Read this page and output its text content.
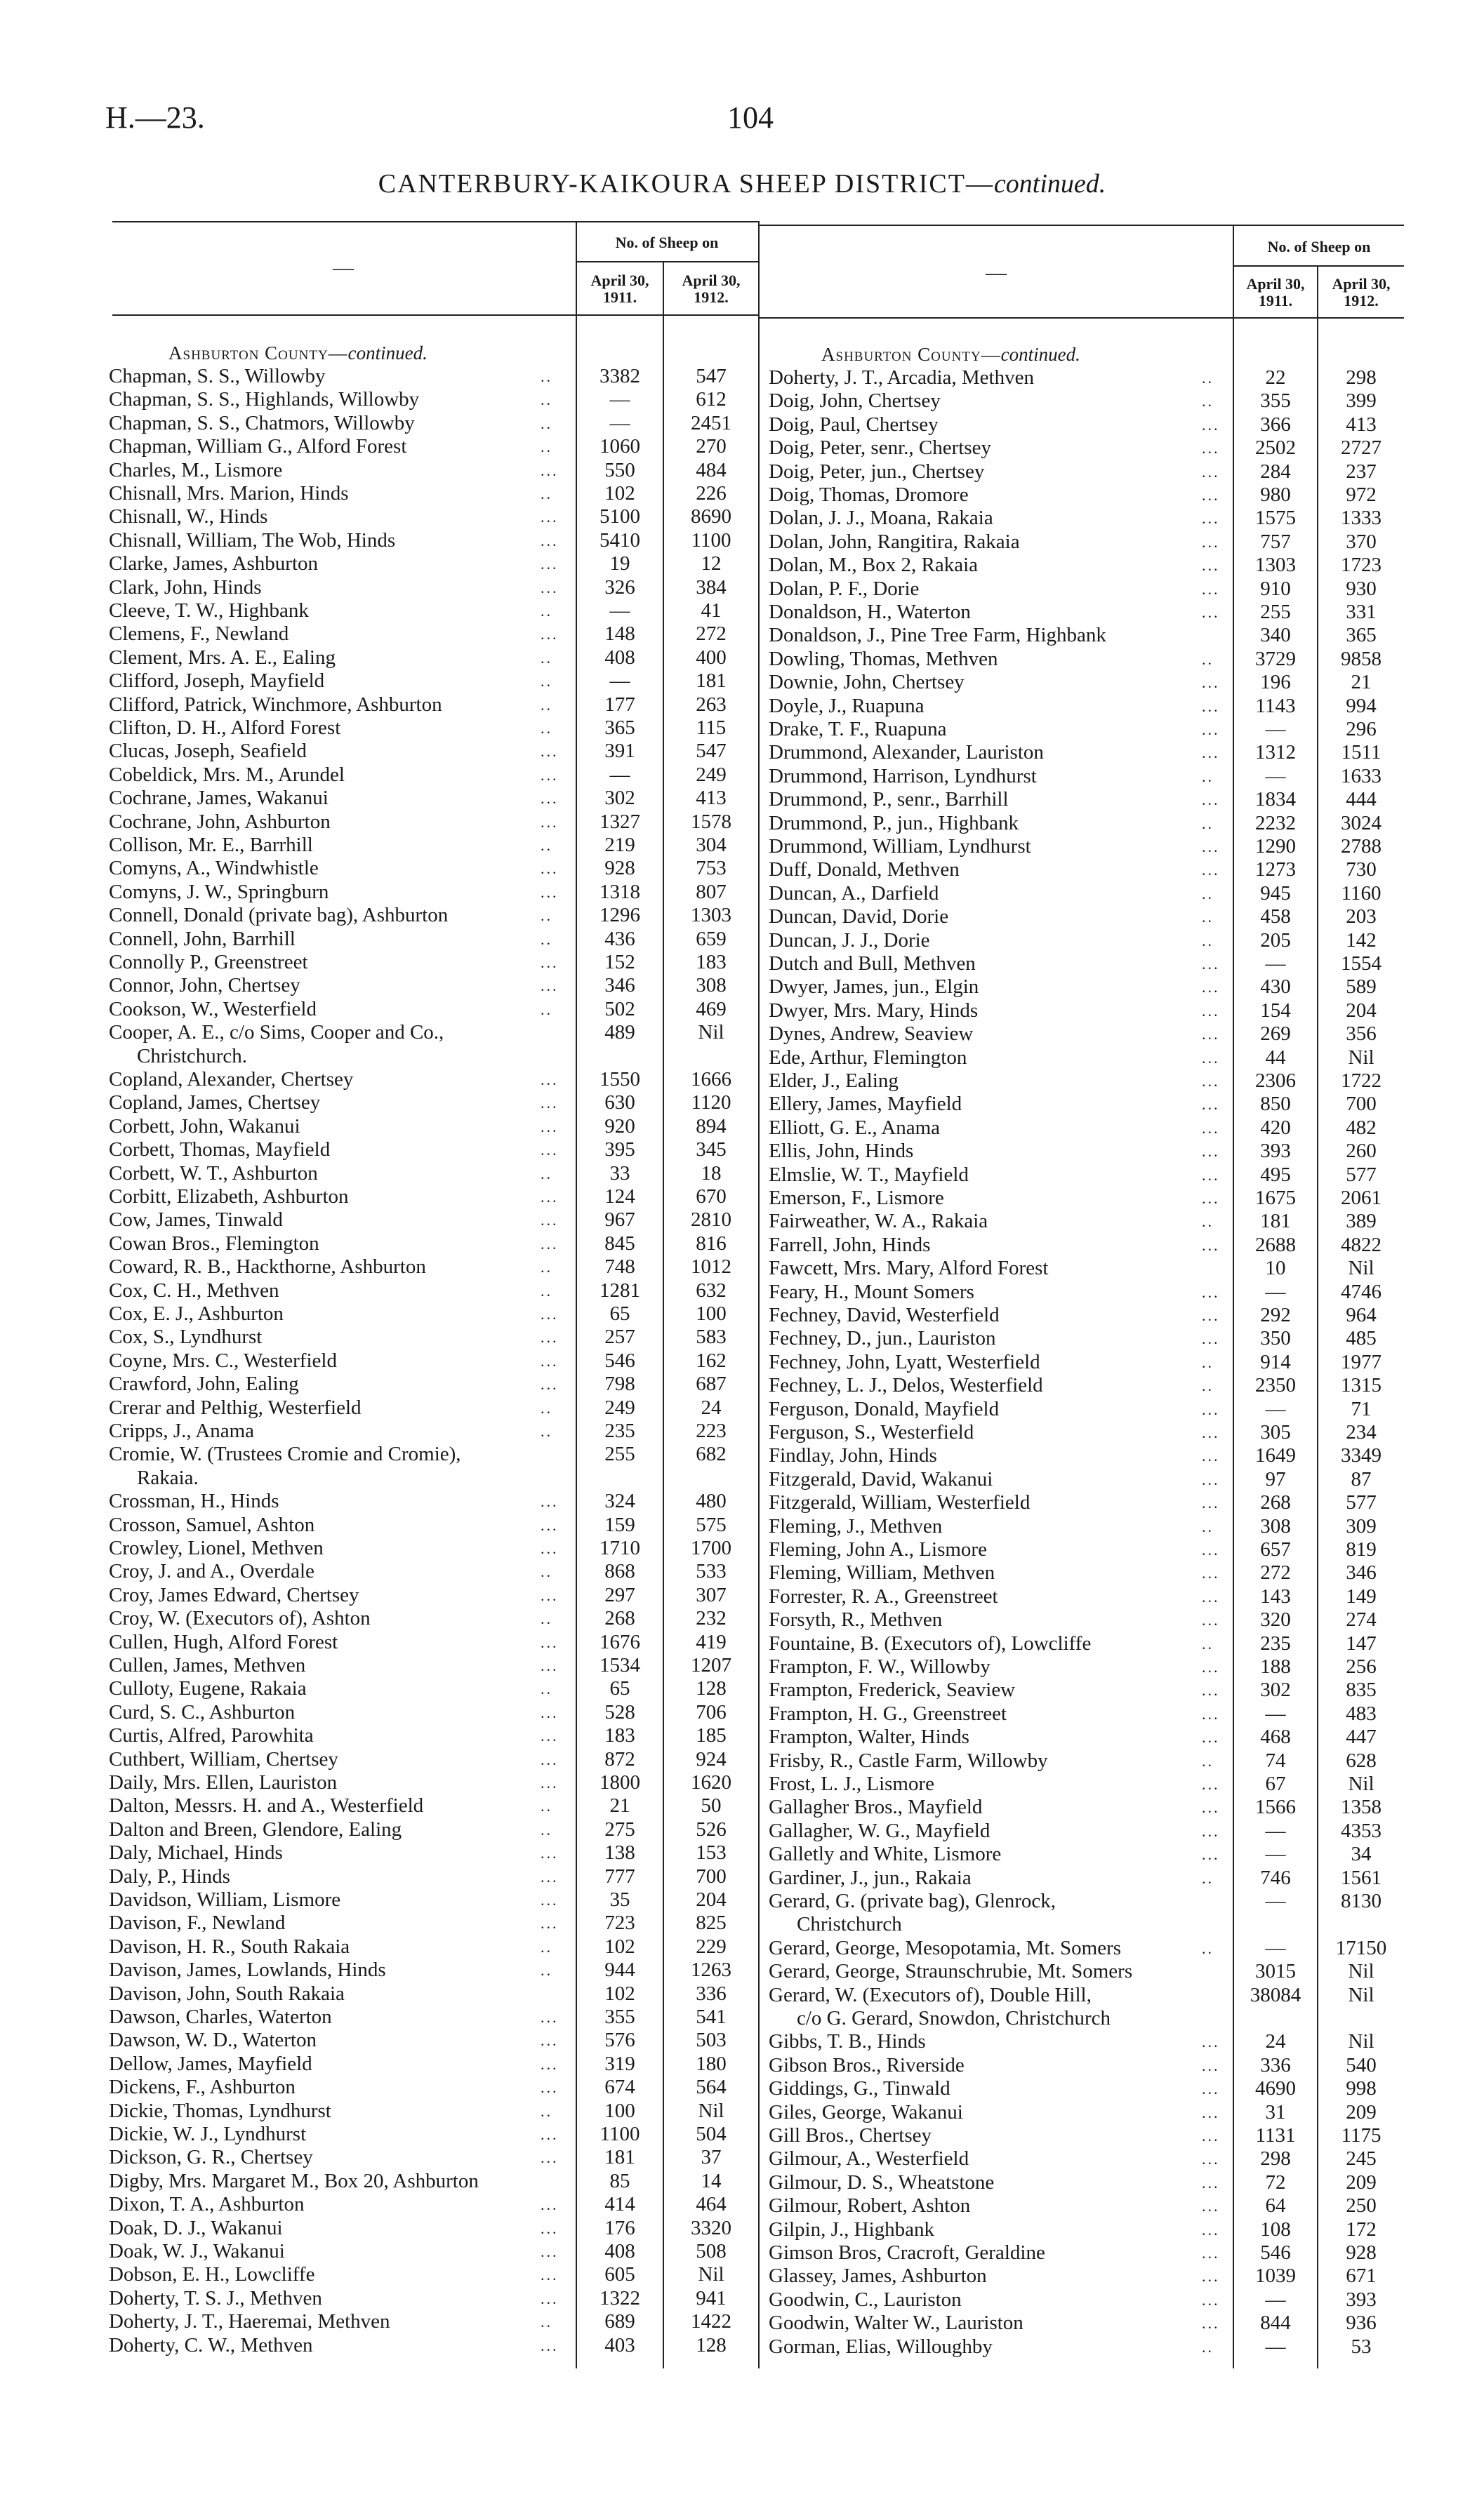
H.—23.	104
CANTERBURY-KAIKOURA SHEEP DISTRICT—continued.
—
No. of Sheep on
April 30,
1911.
April 30,
1912.
Ashburton County—continued.
—
No. of Sheep on
April 30,
1911.
April 30,
1912.
Ashburton County—continued.
Chapman, S. S., Willowby	..	3382	547
Chapman, S. S., Highlands, Willowby	..	—	612
Chapman, S. S., Chatmors, Willowby	..	—	2451
Chapman, William G., Alford Forest	..	1060	270
Charles, M., Lismore	...	550	484
Chisnall, Mrs. Marion, Hinds	..	102	226
Chisnall, W., Hinds	...	5100	8690
Chisnall, William, The Wob, Hinds	...	5410	1100
Clarke, James, Ashburton	...	19	12
Clark, John, Hinds	...	326	384
Cleeve, T. W., Highbank	..	—	41
Clemens, F., Newland	...	148	272
Clement, Mrs. A. E., Ealing	..	408	400
Clifford, Joseph, Mayfield	..	—	181
Clifford, Patrick, Winchmore, Ashburton	..	177	263
Clifton, D. H., Alford Forest	..	365	115
Clucas, Joseph, Seafield	...	391	547
Cobeldick, Mrs. M., Arundel	...	—	249
Cochrane, James, Wakanui	...	302	413
Cochrane, John, Ashburton	...	1327	1578
Collison, Mr. E., Barrhill	..	219	304
Comyns, A., Windwhistle	...	928	753
Comyns, J. W., Springburn	...	1318	807
Connell, Donald (private bag), Ashburton	..	1296	1303
Connell, John, Barrhill	..	436	659
Connolly P., Greenstreet	...	152	183
Connor, John, Chertsey	...	346	308
Cookson, W., Westerfield	..	502	469
Cooper, A. E., c/o Sims, Cooper and Co.,	489	Nil
Christchurch.
Copland, Alexander, Chertsey	...	1550	1666
Copland, James, Chertsey	...	630	1120
Corbett, John, Wakanui	...	920	894
Corbett, Thomas, Mayfield	...	395	345
Corbett, W. T., Ashburton	..	33	18
Corbitt, Elizabeth, Ashburton	...	124	670
Cow, James, Tinwald	...	967	2810
Cowan Bros., Flemington	...	845	816
Coward, R. B., Hackthorne, Ashburton	..	748	1012
Cox, C. H., Methven	..	1281	632
Cox, E. J., Ashburton	...	65	100
Cox, S., Lyndhurst	...	257	583
Coyne, Mrs. C., Westerfield	...	546	162
Crawford, John, Ealing	...	798	687
Crerar and Pelthig, Westerfield	..	249	24
Cripps, J., Anama	..	235	223
Cromie, W. (Trustees Cromie and Cromie),	255	682
Rakaia.
Crossman, H., Hinds	...	324	480
Crosson, Samuel, Ashton	...	159	575
Crowley, Lionel, Methven	...	1710	1700
Croy, J. and A., Overdale	..	868	533
Croy, James Edward, Chertsey	...	297	307
Croy, W. (Executors of), Ashton	..	268	232
Cullen, Hugh, Alford Forest	...	1676	419
Cullen, James, Methven	...	1534	1207
Culloty, Eugene, Rakaia	..	65	128
Curd, S. C., Ashburton	...	528	706
Curtis, Alfred, Parowhita	...	183	185
Cuthbert, William, Chertsey	...	872	924
Daily, Mrs. Ellen, Lauriston	...	1800	1620
Dalton, Messrs. H. and A., Westerfield	..	21	50
Dalton and Breen, Glendore, Ealing	..	275	526
Daly, Michael, Hinds	...	138	153
Daly, P., Hinds	...	777	700
Davidson, William, Lismore	...	35	204
Davison, F., Newland	...	723	825
Davison, H. R., South Rakaia	..	102	229
Davison, James, Lowlands, Hinds	..	944	1263
Davison, John, South Rakaia	102	336
Dawson, Charles, Waterton	...	355	541
Dawson, W. D., Waterton	...	576	503
Dellow, James, Mayfield	...	319	180
Dickens, F., Ashburton	...	674	564
Dickie, Thomas, Lyndhurst	..	100	Nil
Dickie, W. J., Lyndhurst	...	1100	504
Dickson, G. R., Chertsey	...	181	37
Digby, Mrs. Margaret M., Box 20, Ashburton	85	14
Dixon, T. A., Ashburton	...	414	464
Doak, D. J., Wakanui	...	176	3320
Doak, W. J., Wakanui	...	408	508
Dobson, E. H., Lowcliffe	...	605	Nil
Doherty, T. S. J., Methven	...	1322	941
Doherty, J. T., Haeremai, Methven	..	689	1422
Doherty, C. W., Methven	...	403	128
Doherty, J. T., Arcadia, Methven	..	22	298
Doig, John, Chertsey	..	355	399
Doig, Paul, Chertsey	...	366	413
Doig, Peter, senr., Chertsey	...	2502	2727
Doig, Peter, jun., Chertsey	...	284	237
Doig, Thomas, Dromore	...	980	972
Dolan, J. J., Moana, Rakaia	...	1575	1333
Dolan, John, Rangitira, Rakaia	...	757	370
Dolan, M., Box 2, Rakaia	...	1303	1723
Dolan, P. F., Dorie	...	910	930
Donaldson, H., Waterton	...	255	331
Donaldson, J., Pine Tree Farm, Highbank	340	365
Dowling, Thomas, Methven	..	3729	9858
Downie, John, Chertsey	...	196	21
Doyle, J., Ruapuna	...	1143	994
Drake, T. F., Ruapuna	...	—	296
Drummond, Alexander, Lauriston	...	1312	1511
Drummond, Harrison, Lyndhurst	..	—	1633
Drummond, P., senr., Barrhill	...	1834	444
Drummond, P., jun., Highbank	..	2232	3024
Drummond, William, Lyndhurst	...	1290	2788
Duff, Donald, Methven	...	1273	730
Duncan, A., Darfield	..	945	1160
Duncan, David, Dorie	..	458	203
Duncan, J. J., Dorie	..	205	142
Dutch and Bull, Methven	...	—	1554
Dwyer, James, jun., Elgin	...	430	589
Dwyer, Mrs. Mary, Hinds	...	154	204
Dynes, Andrew, Seaview	...	269	356
Ede, Arthur, Flemington	...	44	Nil
Elder, J., Ealing	...	2306	1722
Ellery, James, Mayfield	...	850	700
Elliott, G. E., Anama	...	420	482
Ellis, John, Hinds	...	393	260
Elmslie, W. T., Mayfield	...	495	577
Emerson, F., Lismore	...	1675	2061
Fairweather, W. A., Rakaia	..	181	389
Farrell, John, Hinds	...	2688	4822
Fawcett, Mrs. Mary, Alford Forest	10	Nil
Feary, H., Mount Somers	...	—	4746
Fechney, David, Westerfield	...	292	964
Fechney, D., jun., Lauriston	...	350	485
Fechney, John, Lyatt, Westerfield	..	914	1977
Fechney, L. J., Delos, Westerfield	..	2350	1315
Ferguson, Donald, Mayfield	...	—	71
Ferguson, S., Westerfield	...	305	234
Findlay, John, Hinds	...	1649	3349
Fitzgerald, David, Wakanui	...	97	87
Fitzgerald, William, Westerfield	...	268	577
Fleming, J., Methven	..	308	309
Fleming, John A., Lismore	...	657	819
Fleming, William, Methven	...	272	346
Forrester, R. A., Greenstreet	...	143	149
Forsyth, R., Methven	...	320	274
Fountaine, B. (Executors of), Lowcliffe	..	235	147
Frampton, F. W., Willowby	...	188	256
Frampton, Frederick, Seaview	...	302	835
Frampton, H. G., Greenstreet	...	—	483
Frampton, Walter, Hinds	...	468	447
Frisby, R., Castle Farm, Willowby	..	74	628
Frost, L. J., Lismore	...	67	Nil
Gallagher Bros., Mayfield	...	1566	1358
Gallagher, W. G., Mayfield	...	—	4353
Galletly and White, Lismore	...	—	34
Gardiner, J., jun., Rakaia	..	746	1561
Gerard, G. (private bag), Glenrock,	—	8130
Christchurch
Gerard, George, Mesopotamia, Mt. Somers	..	—	17150
Gerard, George, Straunschrubie, Mt. Somers	3015	Nil
Gerard, W. (Executors of), Double Hill,	38084	Nil
c/o G. Gerard, Snowdon, Christchurch
Gibbs, T. B., Hinds	...	24	Nil
Gibson Bros., Riverside	...	336	540
Giddings, G., Tinwald	...	4690	998
Giles, George, Wakanui	...	31	209
Gill Bros., Chertsey	...	1131	1175
Gilmour, A., Westerfield	...	298	245
Gilmour, D. S., Wheatstone	...	72	209
Gilmour, Robert, Ashton	...	64	250
Gilpin, J., Highbank	...	108	172
Gimson Bros, Cracroft, Geraldine	...	546	928
Glassey, James, Ashburton	...	1039	671
Goodwin, C., Lauriston	...	—	393
Goodwin, Walter W., Lauriston	...	844	936
Gorman, Elias, Willoughby	..	—	53
